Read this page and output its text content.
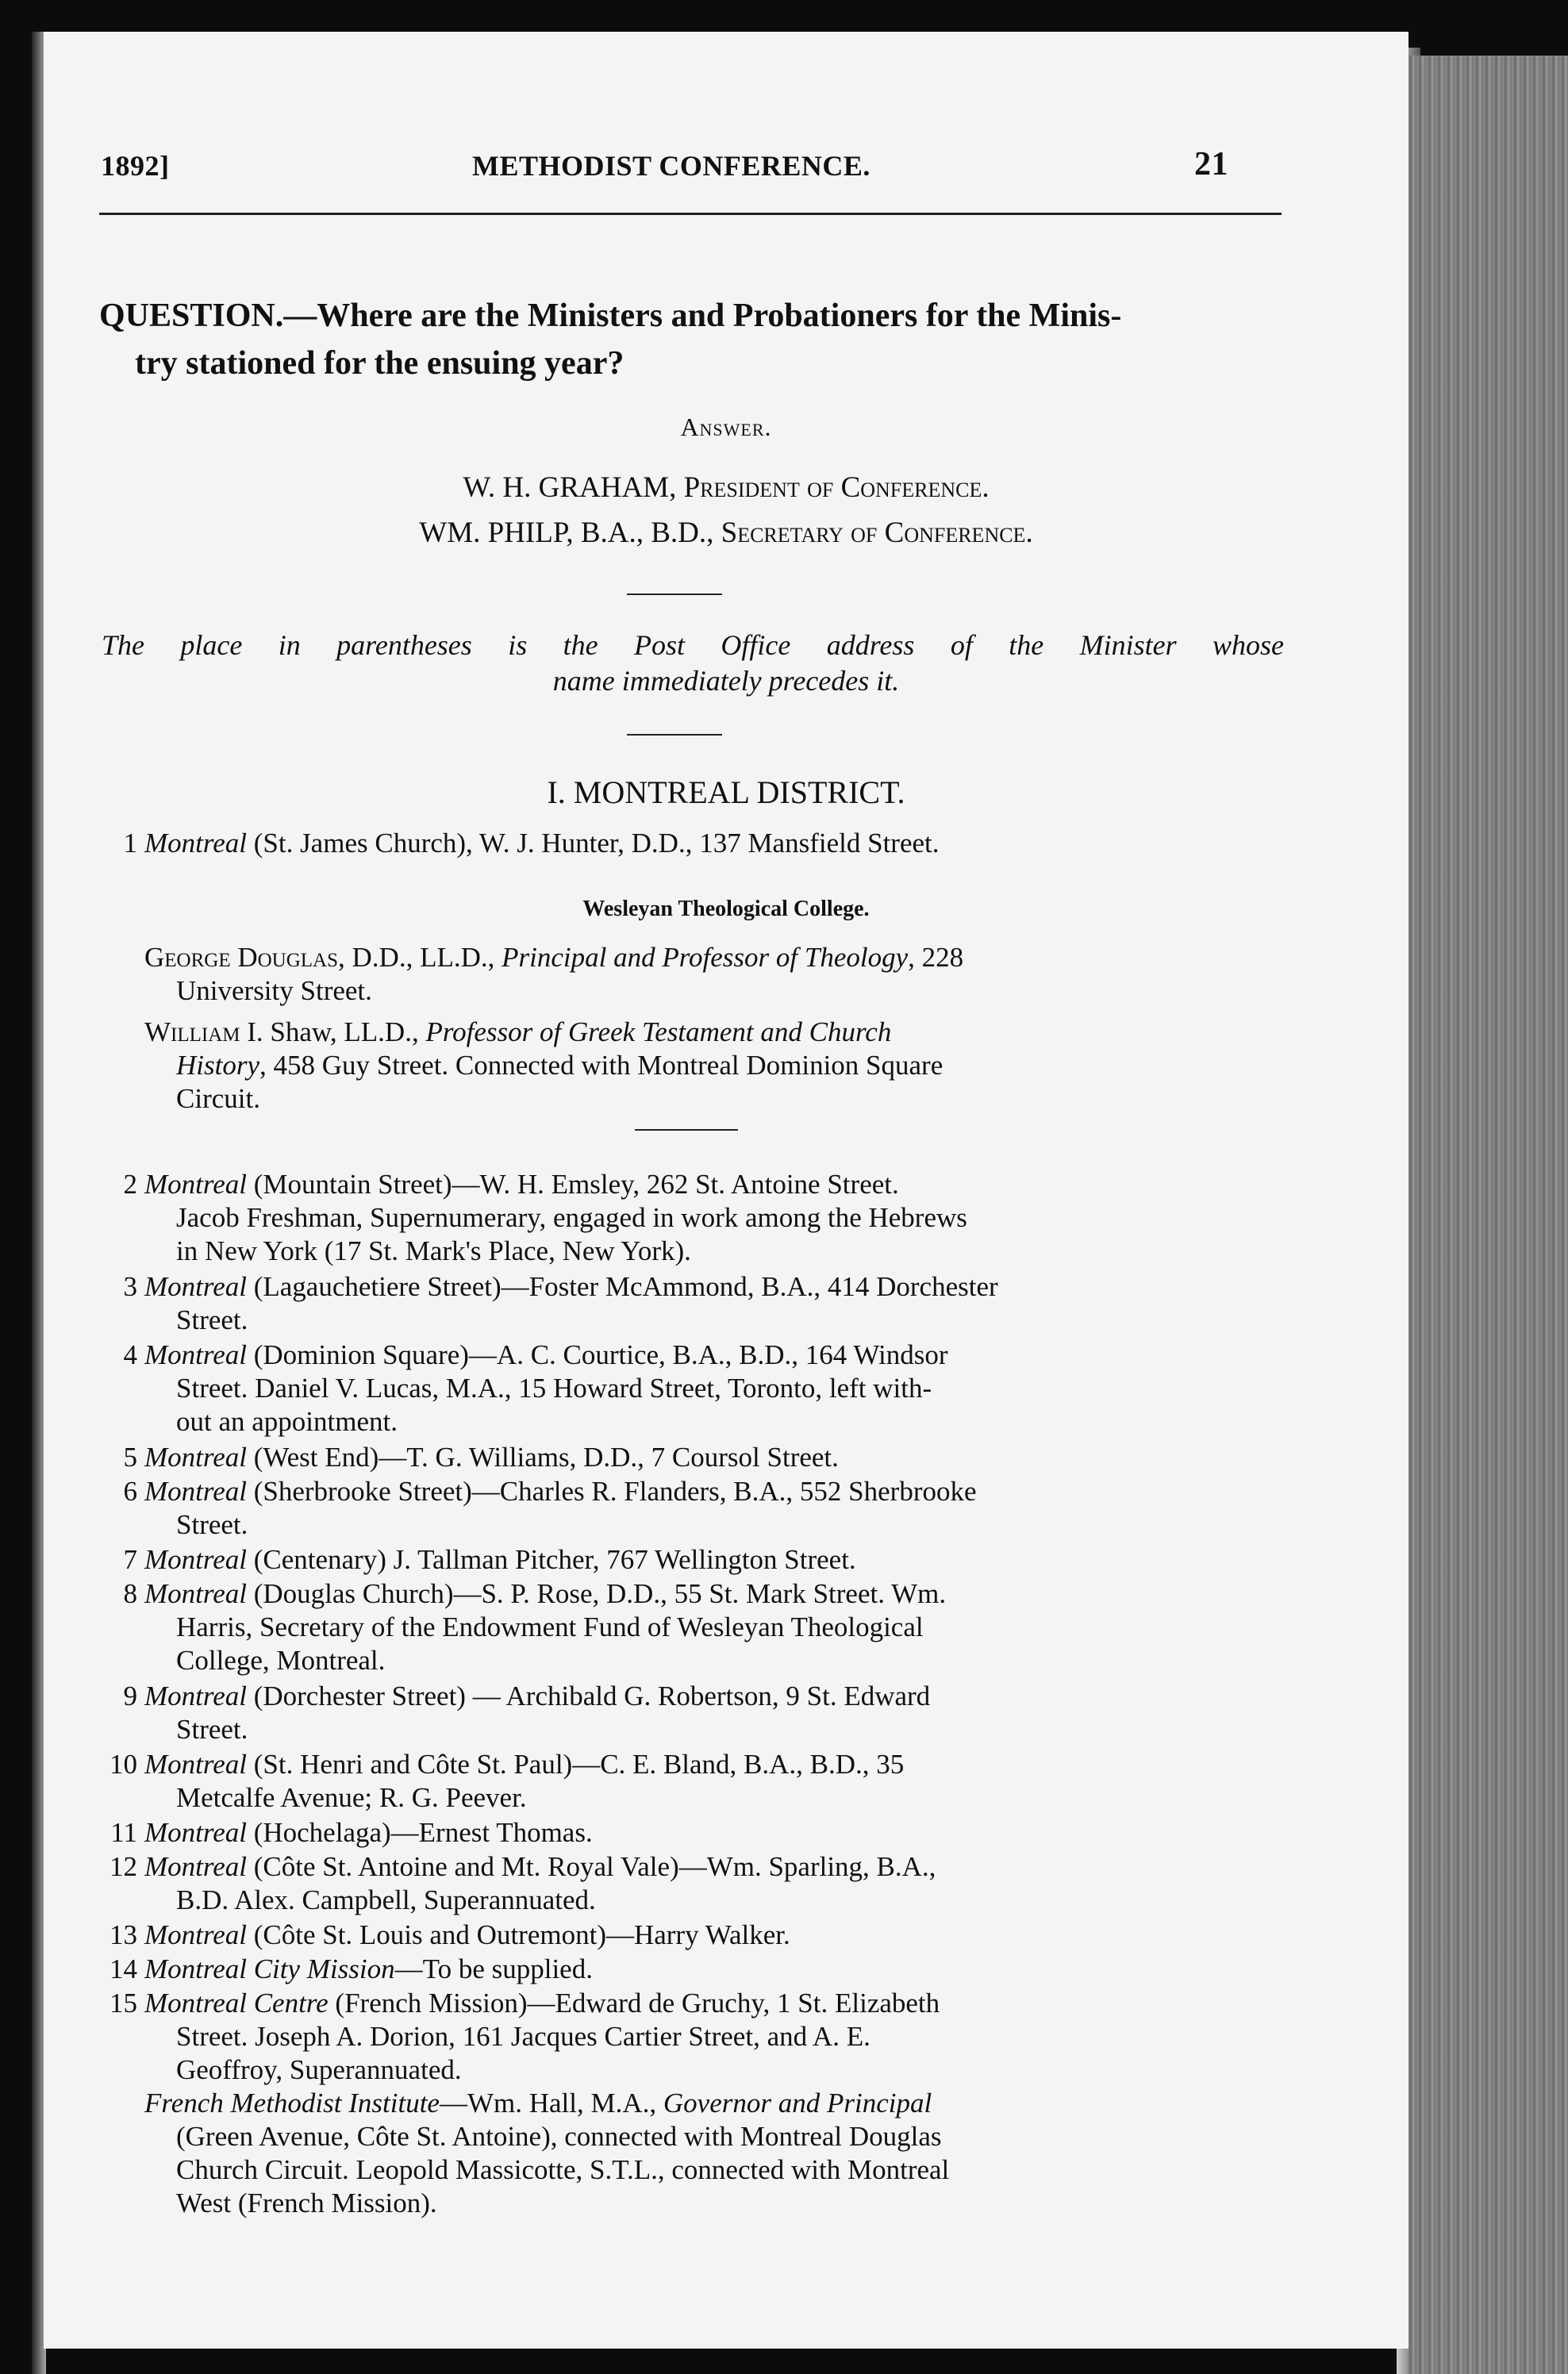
1892]	METHODIST CONFERENCE.	21
QUESTION.—Where are the Ministers and Probationers for the Minis-
try stationed for the ensuing year?
Answer.
W. H. GRAHAM, President of Conference.
WM. PHILP, B.A., B.D., Secretary of Conference.
The place in parentheses is the Post Office address of the Minister whose
name immediately precedes it.
I. MONTREAL DISTRICT.
1 Montreal (St. James Church), W. J. Hunter, D.D., 137 Mansfield Street.
Wesleyan Theological College.
George Douglas, D.D., LL.D., Principal and Professor of Theology, 228
University Street.
William I. Shaw, LL.D., Professor of Greek Testament and Church
History, 458 Guy Street. Connected with Montreal Dominion Square
Circuit.
2 Montreal (Mountain Street)—W. H. Emsley, 262 St. Antoine Street.
Jacob Freshman, Supernumerary, engaged in work among the Hebrews
in New York (17 St. Mark's Place, New York).
3 Montreal (Lagauchetiere Street)—Foster McAmmond, B.A., 414 Dorchester
Street.
4 Montreal (Dominion Square)—A. C. Courtice, B.A., B.D., 164 Windsor
Street. Daniel V. Lucas, M.A., 15 Howard Street, Toronto, left with-
out an appointment.
5 Montreal (West End)—T. G. Williams, D.D., 7 Coursol Street.
6 Montreal (Sherbrooke Street)—Charles R. Flanders, B.A., 552 Sherbrooke
Street.
7 Montreal (Centenary) J. Tallman Pitcher, 767 Wellington Street.
8 Montreal (Douglas Church)—S. P. Rose, D.D., 55 St. Mark Street. Wm.
Harris, Secretary of the Endowment Fund of Wesleyan Theological
College, Montreal.
9 Montreal (Dorchester Street) — Archibald G. Robertson, 9 St. Edward
Street.
10 Montreal (St. Henri and Côte St. Paul)—C. E. Bland, B.A., B.D., 35
Metcalfe Avenue; R. G. Peever.
11 Montreal (Hochelaga)—Ernest Thomas.
12 Montreal (Côte St. Antoine and Mt. Royal Vale)—Wm. Sparling, B.A.,
B.D. Alex. Campbell, Superannuated.
13 Montreal (Côte St. Louis and Outremont)—Harry Walker.
14 Montreal City Mission—To be supplied.
15 Montreal Centre (French Mission)—Edward de Gruchy, 1 St. Elizabeth
Street. Joseph A. Dorion, 161 Jacques Cartier Street, and A. E.
Geoffroy, Superannuated.
French Methodist Institute—Wm. Hall, M.A., Governor and Principal
(Green Avenue, Côte St. Antoine), connected with Montreal Douglas
Church Circuit. Leopold Massicotte, S.T.L., connected with Montreal
West (French Mission).
